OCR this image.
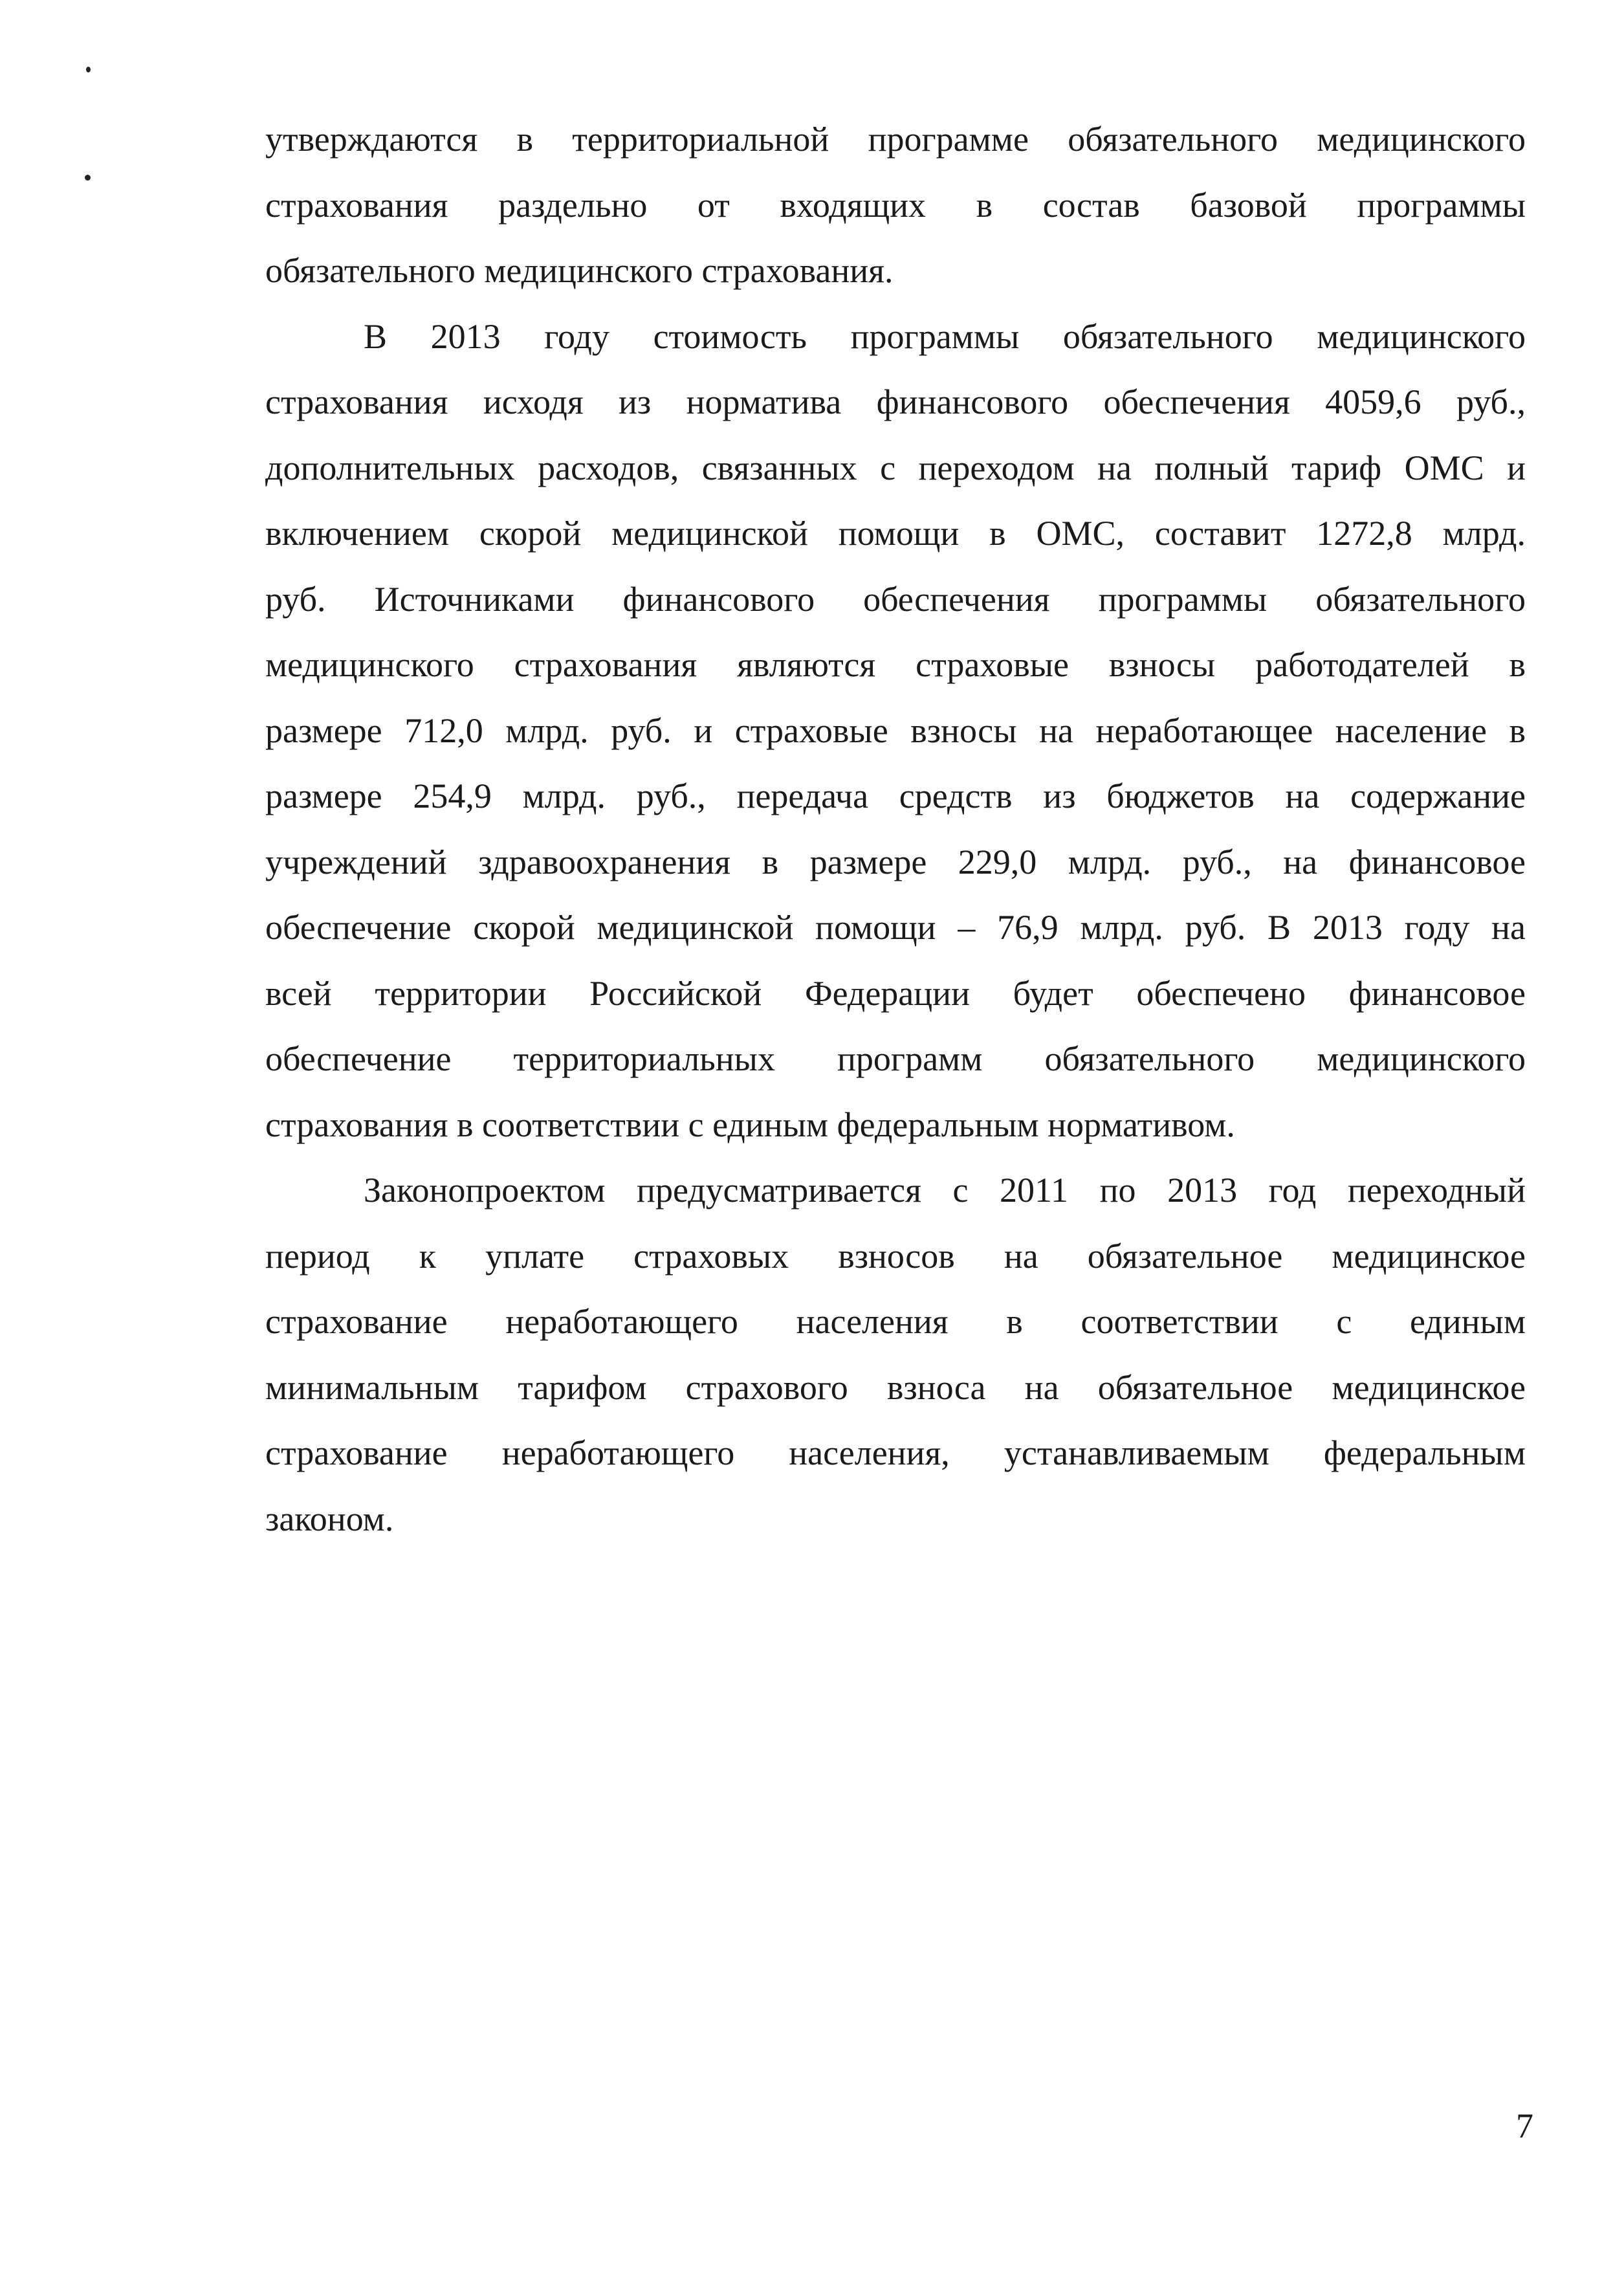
утверждаются в территориальной программе обязательного медицинского
страхования раздельно от входящих в состав базовой программы
обязательного медицинского страхования.

В 2013 году стоимость программы обязательного медицинского
страхования исходя из норматива финансового обеспечения 4059,6 руб.,
дополнительных расходов, связанных с переходом на полный тариф ОМС и
включением скорой медицинской помощи в ОМС, составит 1272,8 млрд.
руб. Источниками финансового обеспечения программы обязательного
медицинского страхования являются страховые взносы работодателей в
размере 712,0 млрд. руб. и страховые взносы на неработающее население в
размере 254,9 млрд. руб., передача средств из бюджетов на содержание
учреждений здравоохранения в размере 229,0 млрд. руб., на финансовое
обеспечение скорой медицинской помощи – 76,9 млрд. руб. В 2013 году на
всей территории Российской Федерации будет обеспечено финансовое
обеспечение территориальных программ обязательного медицинского
страхования в соответствии с единым федеральным нормативом.

Законопроектом предусматривается с 2011 по 2013 год переходный
период к уплате страховых взносов на обязательное медицинское
страхование неработающего населения в соответствии с единым
минимальным тарифом страхового взноса на обязательное медицинское
страхование неработающего населения, устанавливаемым федеральным
законом.

7
